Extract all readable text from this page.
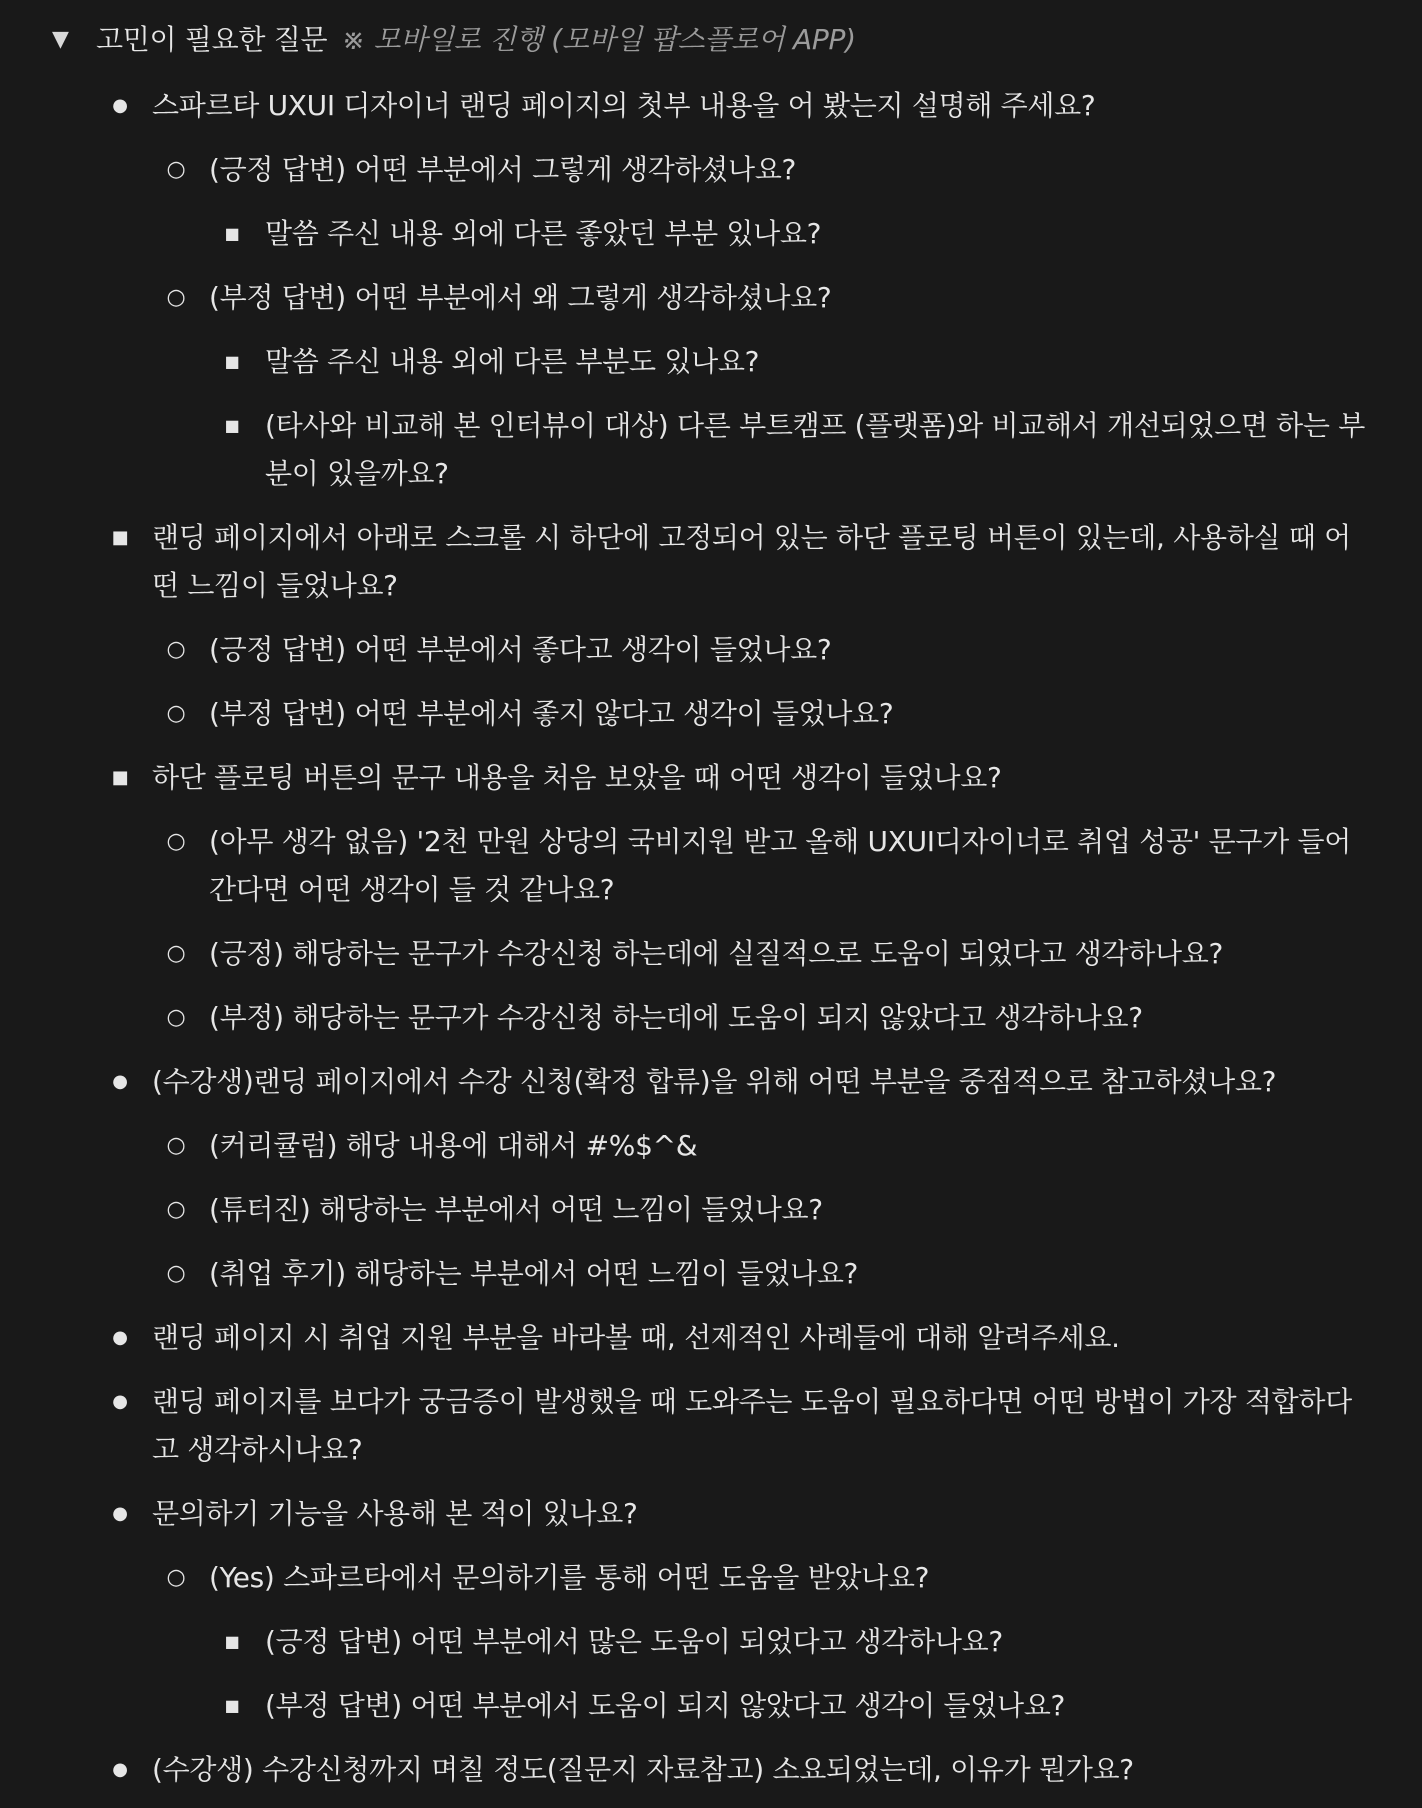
▼ 고민이 필요한 질문 ※ 모바일로 진행 (모바일 팝스플로어 APP)
● 스파르타 UXUI 디자이너 랜딩 페이지의 첫부 내용을 어 봤는지 설명해 주세요?
○ (긍정 답변) 어떤 부분에서 그렇게 생각하셨나요?
■ 말씀 주신 내용 외에 다른 좋았던 부분 있나요?
○ (부정 답변) 어떤 부분에서 왜 그렇게 생각하셨나요?
■ 말씀 주신 내용 외에 다른 부분도 있나요?
■ (타사와 비교해 본 인터뷰이 대상) 다른 부트캠프 (플랫폼)와 비교해서 개선되었으면 하는 부분이 있을까요?
■ 랜딩 페이지에서 아래로 스크롤 시 하단에 고정되어 있는 하단 플로팅 버튼이 있는데, 사용하실 때 어떤 느낌이 들었나요?
○ (긍정 답변) 어떤 부분에서 좋다고 생각이 들었나요?
○ (부정 답변) 어떤 부분에서 좋지 않다고 생각이 들었나요?
■ 하단 플로팅 버튼의 문구 내용을 처음 보았을 때 어떤 생각이 들었나요?
○ (아무 생각 없음) '2천 만원 상당의 국비지원 받고 올해 UXUI디자이너로 취업 성공' 문구가 들어간다면 어떤 생각이 들 것 같나요?
○ (긍정) 해당하는 문구가 수강신청 하는데에 실질적으로 도움이 되었다고 생각하나요?
○ (부정) 해당하는 문구가 수강신청 하는데에 도움이 되지 않았다고 생각하나요?
● (수강생)랜딩 페이지에서 수강 신청(확정 합류)을 위해 어떤 부분을 중점적으로 참고하셨나요?
○ (커리큘럼) 해당 내용에 대해서 #%$^&
○ (튜터진) 해당하는 부분에서 어떤 느낌이 들었나요?
○ (취업 후기) 해당하는 부분에서 어떤 느낌이 들었나요?
● 랜딩 페이지 시 취업 지원 부분을 바라볼 때, 선제적인 사례들에 대해 알려주세요.
● 랜딩 페이지를 보다가 궁금증이 발생했을 때 도와주는 도움이 필요하다면 어떤 방법이 가장 적합하다고 생각하시나요?
● 문의하기 기능을 사용해 본 적이 있나요?
○ (Yes) 스파르타에서 문의하기를 통해 어떤 도움을 받았나요?
■ (긍정 답변) 어떤 부분에서 많은 도움이 되었다고 생각하나요?
■ (부정 답변) 어떤 부분에서 도움이 되지 않았다고 생각이 들었나요?
● (수강생) 수강신청까지 며칠 정도(질문지 자료참고) 소요되었는데, 이유가 뭔가요?
